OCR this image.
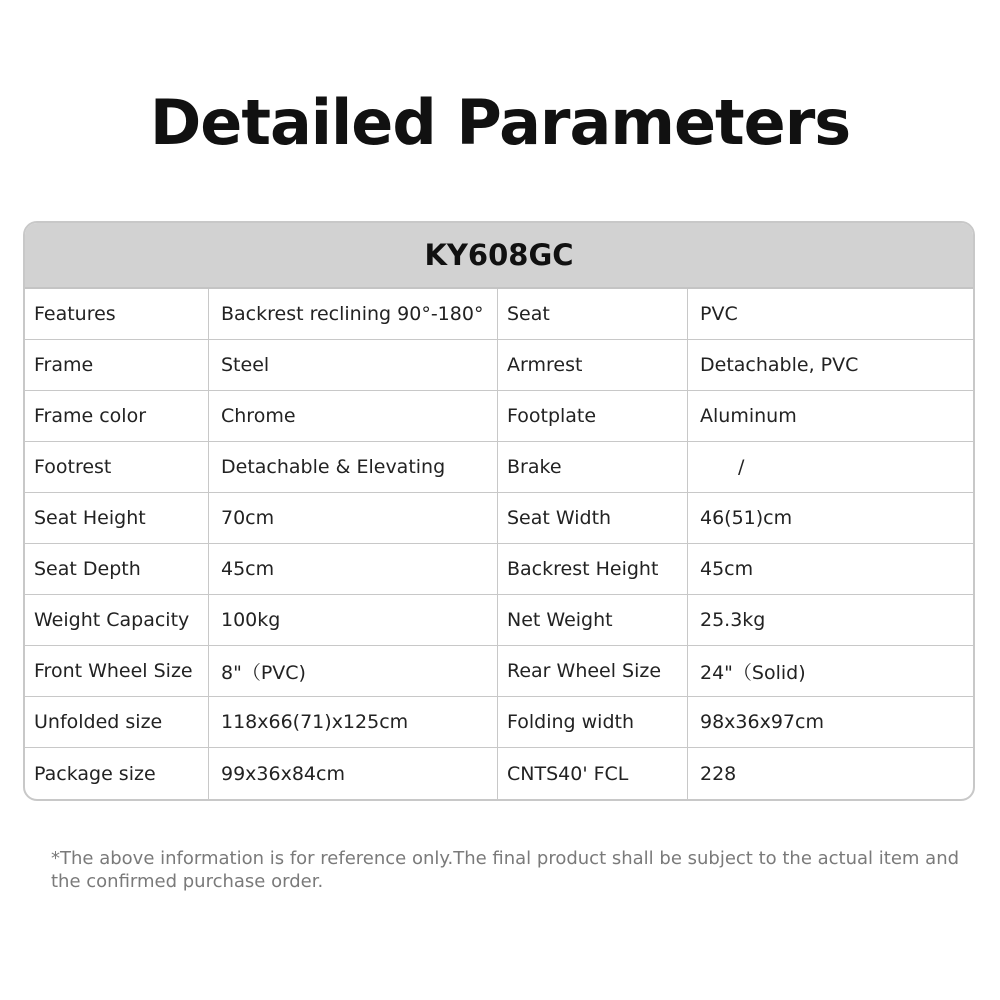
Detailed Parameters
KY608GC
Features	Backrest reclining 90°-180°	Seat	PVC
Frame	Steel	Armrest	Detachable, PVC
Frame color	Chrome	Footplate	Aluminum
Footrest	Detachable & Elevating	Brake	/
Seat Height	70cm	Seat Width	46(51)cm
Seat Depth	45cm	Backrest Height	45cm
Weight Capacity	100kg	Net Weight	25.3kg
Front Wheel Size	8"（PVC)	Rear Wheel Size	24"（Solid)
Unfolded size	118x66(71)x125cm	Folding width	98x36x97cm
Package size	99x36x84cm	CNTS40' FCL	228
*The above information is for reference only.The final product shall be subject to the actual item and the confirmed purchase order.
